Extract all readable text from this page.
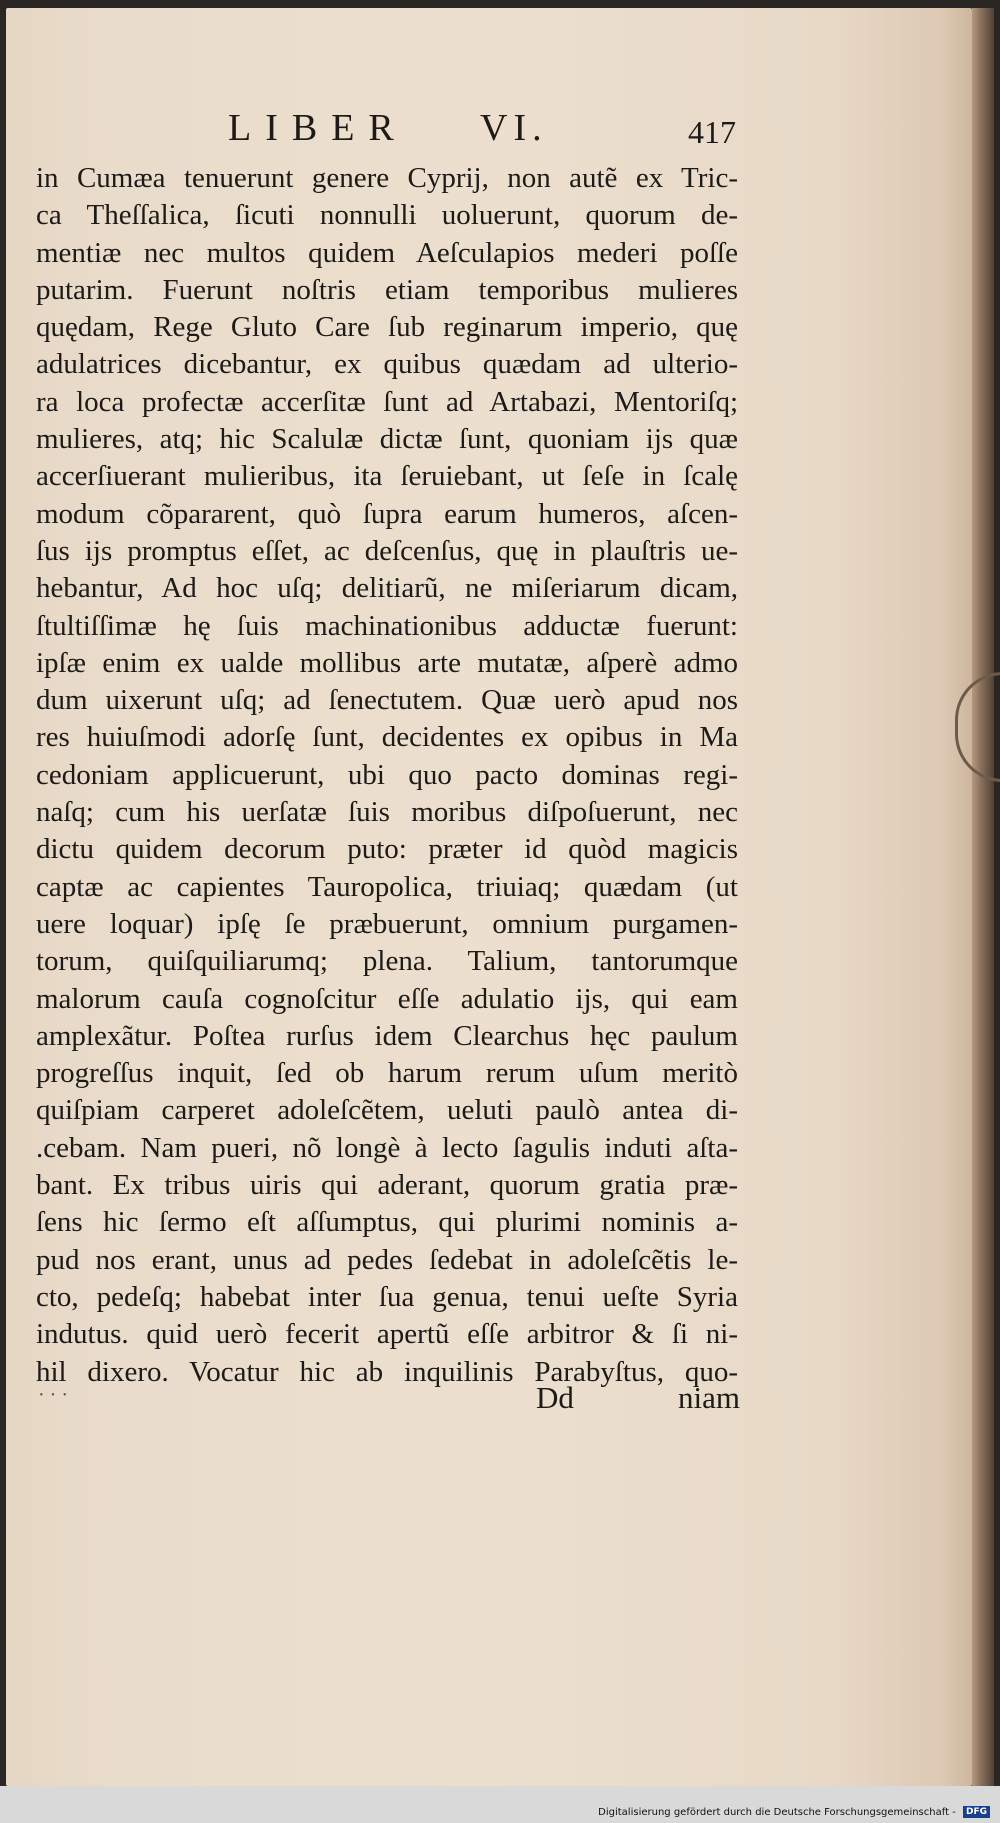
LIBER VI.	417
in Cumæa tenuerunt genere Cyprij, non autẽ ex Tric-
ca Theſſalica, ſicuti nonnulli uoluerunt, quorum de-
mentiæ nec multos quidem Aeſculapios mederi poſſe
putarim. Fuerunt noſtris etiam temporibus mulieres
quędam, Rege Gluto Care ſub reginarum imperio, quę
adulatrices dicebantur, ex quibus quædam ad ulterio-
ra loca profectæ accerſitæ ſunt ad Artabazi, Mentoriſq;
mulieres, atq; hic Scalulæ dictæ ſunt, quoniam ijs quæ
accerſiuerant mulieribus, ita ſeruiebant, ut ſeſe in ſcalę
modum cõpararent, quò ſupra earum humeros, aſcen-
ſus ijs promptus eſſet, ac deſcenſus, quę in plauſtris ue-
hebantur, Ad hoc uſq; delitiarũ, ne miſeriarum dicam,
ſtultiſſimæ hę ſuis machinationibus adductæ fuerunt:
ipſæ enim ex ualde mollibus arte mutatæ, aſperè admo
dum uixerunt uſq; ad ſenectutem. Quæ uerò apud nos
res huiuſmodi adorſę ſunt, decidentes ex opibus in Ma
cedoniam applicuerunt, ubi quo pacto dominas regi-
naſq; cum his uerſatæ ſuis moribus diſpoſuerunt, nec
dictu quidem decorum puto: præter id quòd magicis
captæ ac capientes Tauropolica, triuiaq; quædam (ut
uere loquar) ipſę ſe præbuerunt, omnium purgamen-
torum, quiſquiliarumq; plena. Talium, tantorumque
malorum cauſa cognoſcitur eſſe adulatio ijs, qui eam
amplexãtur. Poſtea rurſus idem Clearchus hęc paulum
progreſſus inquit, ſed ob harum rerum uſum meritò
quiſpiam carperet adoleſcẽtem, ueluti paulò antea di-
.cebam. Nam pueri, nõ longè à lecto ſagulis induti aſta-
bant. Ex tribus uiris qui aderant, quorum gratia præ-
ſens hic ſermo eſt aſſumptus, qui plurimi nominis a-
pud nos erant, unus ad pedes ſedebat in adoleſcẽtis le-
cto, pedeſq; habebat inter ſua genua, tenui ueſte Syria
indutus. quid uerò fecerit apertũ eſſe arbitror & ſi ni-
hil dixero. Vocatur hic ab inquilinis Parabyſtus, quo-
· · ·	Dd	niam
Digitalisierung gefördert durch die Deutsche Forschungsgemeinschaft - DFG
